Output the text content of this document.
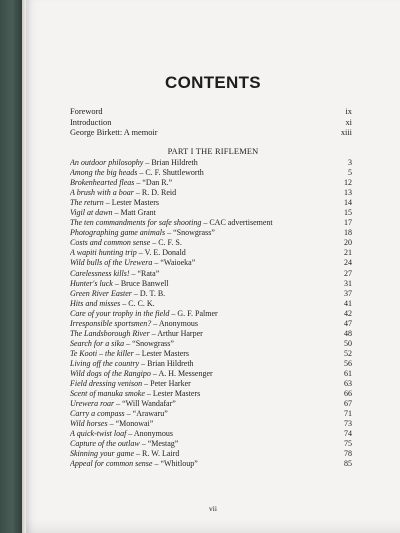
CONTENTS
Foreword	ix
Introduction	xi
George Birkett: A memoir	xiii
PART I THE RIFLEMEN
An outdoor philosophy – Brian Hildreth	3
Among the big heads – C. F. Shuttleworth	5
Brokenhearted fleas – “Dan R.”	12
A brush with a boar – R. D. Reid	13
The return – Lester Masters	14
Vigil at dawn – Matt Grant	15
The ten commandments for safe shooting – CAC advertisement	17
Photographing game animals – “Snowgrass”	18
Costs and common sense – C. F. S.	20
A wapiti hunting trip – V. E. Donald	21
Wild bulls of the Urewera – “Waioeka”	24
Carelessness kills! – “Rata”	27
Hunter's luck – Bruce Banwell	31
Green River Easter – D. T. B.	37
Hits and misses – C. C. K.	41
Care of your trophy in the field – G. F. Palmer	42
Irresponsible sportsmen? – Anonymous	47
The Landsborough River – Arthur Harper	48
Search for a sika – “Snowgrass”	50
Te Kooti – the killer – Lester Masters	52
Living off the country – Brian Hildreth	56
Wild dogs of the Rangipo – A. H. Messenger	61
Field dressing venison – Peter Harker	63
Scent of manuka smoke – Lester Masters	66
Urewera roar – “Will Wandafar”	67
Carry a compass – “Arawaru”	71
Wild horses – “Monowai”	73
A quick-twist loaf – Anonymous	74
Capture of the outlaw – “Mestag”	75
Skinning your game – R. W. Laird	78
Appeal for common sense – “Whitloup”	85
vii
